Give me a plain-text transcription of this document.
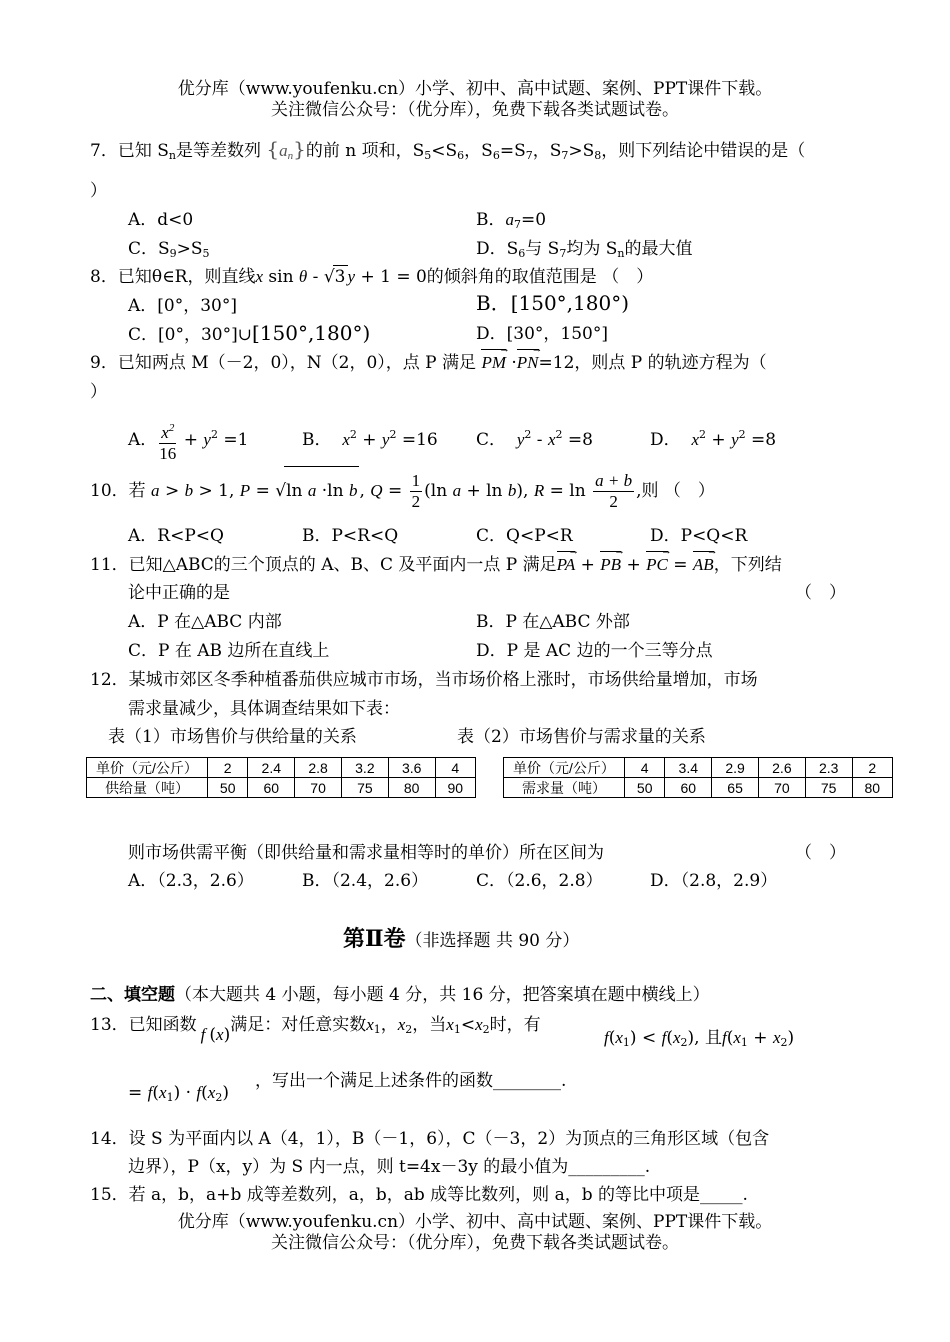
优分库（www.youfenku.cn）小学、初中、高中试题、案例、PPT课件下载。
关注微信公众号：（优分库），免费下载各类试题试卷。
7．已知 $S_n$是等差数列 $\{a_n\}$的前 n 项和，$S_5<S_6$，$S_6=S_7$，$S_7>S_8$，则下列结论中错误的是（
）
A．d<0	B．$a_7=0$
C．$S_9>S_5$	D．$S_6$与 $S_7$均为 $S_n$的最大值
8．已知θ∈R，则直线x sin θ - √3 y + 1 = 0的倾斜角的取值范围是 （　）
A．[0°，30°]	B．[150°,180°)
C．[0°，30°]∪[150°,180°)	D．[30°，150°]
9．已知两点 M（－2，0），N（2，0），点 P 满足 PM → ·PN →=12，则点 P 的轨迹方程为（
）
A． $\frac{x^2}{16} + y^2 =1$	B． $x^2 + y^2 =16$ C． $y^2 - x^2 =8$	D． $x^2 + y^2 =8$
10．若 a > b > 1, P = √ln a ·ln b , $Q = \frac{1}{2} (\ln$ a + ln b), $R = \ln \frac{a + b}{2}$ ,则 （　）
A．R<P<Q	B．P<R<Q	C．Q<P<R	D．P<Q<R
11．已知△ABC的三个顶点的 A、B、C 及平面内一点 P 满足PA → + PB → + PC → = AB →，下列结
论中正确的是	（　）
A．P 在△ABC 内部	B．P 在△ABC 外部
C．P 在 AB 边所在直线上	D．P 是 AC 边的一个三等分点
12．某城市郊区冬季种植番茄供应城市市场，当市场价格上涨时，市场供给量增加，市场
需求量减少，具体调查结果如下表：
表（1）市场售价与供给量的关系	表（2）市场售价与需求量的关系
单价（元/公斤）	2	2.4	2.8	3.2	3.6	4
供给量（吨）	50	60	70	75	80	90
单价（元/公斤）	4	3.4	2.9	2.6	2.3	2
需求量（吨）	50	60	65	70	75	80
则市场供需平衡（即供给量和需求量相等时的单价）所在区间为	（　）
A．（2.3，2.6）	B．（2.4，2.6）	C．（2.6，2.8）	D．（2.8，2.9）
第Ⅱ卷（非选择题 共 90 分）
二、填空题（本大题共 4 小题，每小题 4 分，共 16 分，把答案填在题中横线上）
13．已知函数 f (x)满足：对任意实数$x_1$，$x_2$，当$x_1<x_2$时，有
$f(x_1) < f(x_2)$, 且$f(x_1 + x_2)$
= $f(x_1) \cdot f(x_2)$
，写出一个满足上述条件的函数________.
14．设 S 为平面内以 A（4，1），B（－1，6），C（－3，2）为顶点的三角形区域（包含
边界），P（x，y）为 S 内一点，则 t=4x－3y 的最小值为_________.
15．若 a，b，a+b 成等差数列，a，b，ab 成等比数列，则 a，b 的等比中项是_____.
优分库（www.youfenku.cn）小学、初中、高中试题、案例、PPT课件下载。
关注微信公众号：（优分库），免费下载各类试题试卷。
